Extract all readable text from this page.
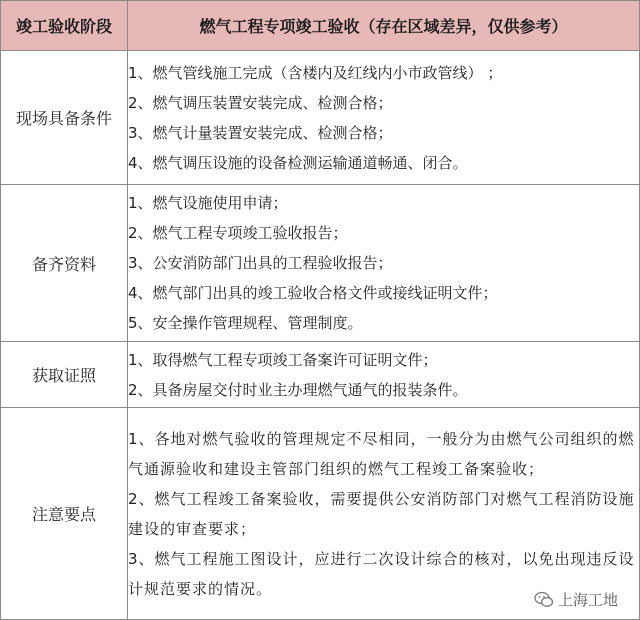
竣工验收阶段	燃气工程专项竣工验收（存在区域差异，仅供参考）
现场具备条件	1、燃气管线施工完成（含楼内及红线内小市政管线） ；
2、燃气调压装置安装完成、检测合格；
3、燃气计量装置安装完成、检测合格；
4、燃气调压设施的设备检测运输通道畅通、闭合。

备齐资料	1、燃气设施使用申请；
2、燃气工程专项竣工验收报告；
3、公安消防部门出具的工程验收报告；
4、燃气部门出具的竣工验收合格文件或接线证明文件；
5、安全操作管理规程、管理制度。

获取证照	1、取得燃气工程专项竣工备案许可证明文件；
2、具备房屋交付时业主办理燃气通气的报装条件。

注意要点	1、各地对燃气验收的管理规定不尽相同，一般分为由燃气公司组织的燃气通源验收和建设主管部门组织的燃气工程竣工备案验收；
2、燃气工程竣工备案验收，需要提供公安消防部门对燃气工程消防设施建设的审查要求；
3、燃气工程施工图设计，应进行二次设计综合的核对，以免出现违反设计规范要求的情况。
上海工地
